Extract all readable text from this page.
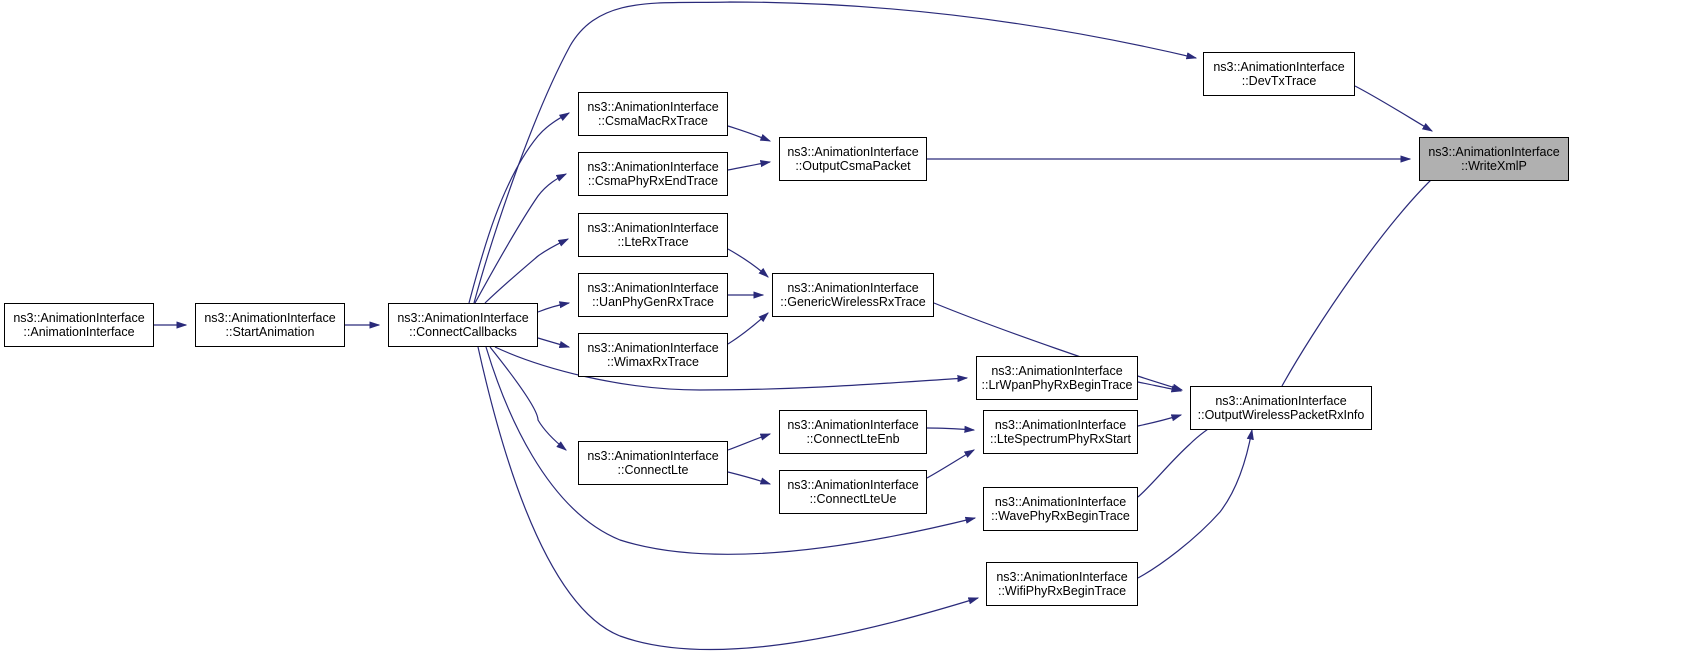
ns3::AnimationInterface
::AnimationInterface
ns3::AnimationInterface
::StartAnimation
ns3::AnimationInterface
::ConnectCallbacks
ns3::AnimationInterface
::CsmaMacRxTrace
ns3::AnimationInterface
::CsmaPhyRxEndTrace
ns3::AnimationInterface
::LteRxTrace
ns3::AnimationInterface
::UanPhyGenRxTrace
ns3::AnimationInterface
::WimaxRxTrace
ns3::AnimationInterface
::ConnectLte
ns3::AnimationInterface
::OutputCsmaPacket
ns3::AnimationInterface
::GenericWirelessRxTrace
ns3::AnimationInterface
::ConnectLteEnb
ns3::AnimationInterface
::ConnectLteUe
ns3::AnimationInterface
::LrWpanPhyRxBeginTrace
ns3::AnimationInterface
::LteSpectrumPhyRxStart
ns3::AnimationInterface
::WavePhyRxBeginTrace
ns3::AnimationInterface
::WifiPhyRxBeginTrace
ns3::AnimationInterface
::DevTxTrace
ns3::AnimationInterface
::OutputWirelessPacketRxInfo
ns3::AnimationInterface
::WriteXmlP
